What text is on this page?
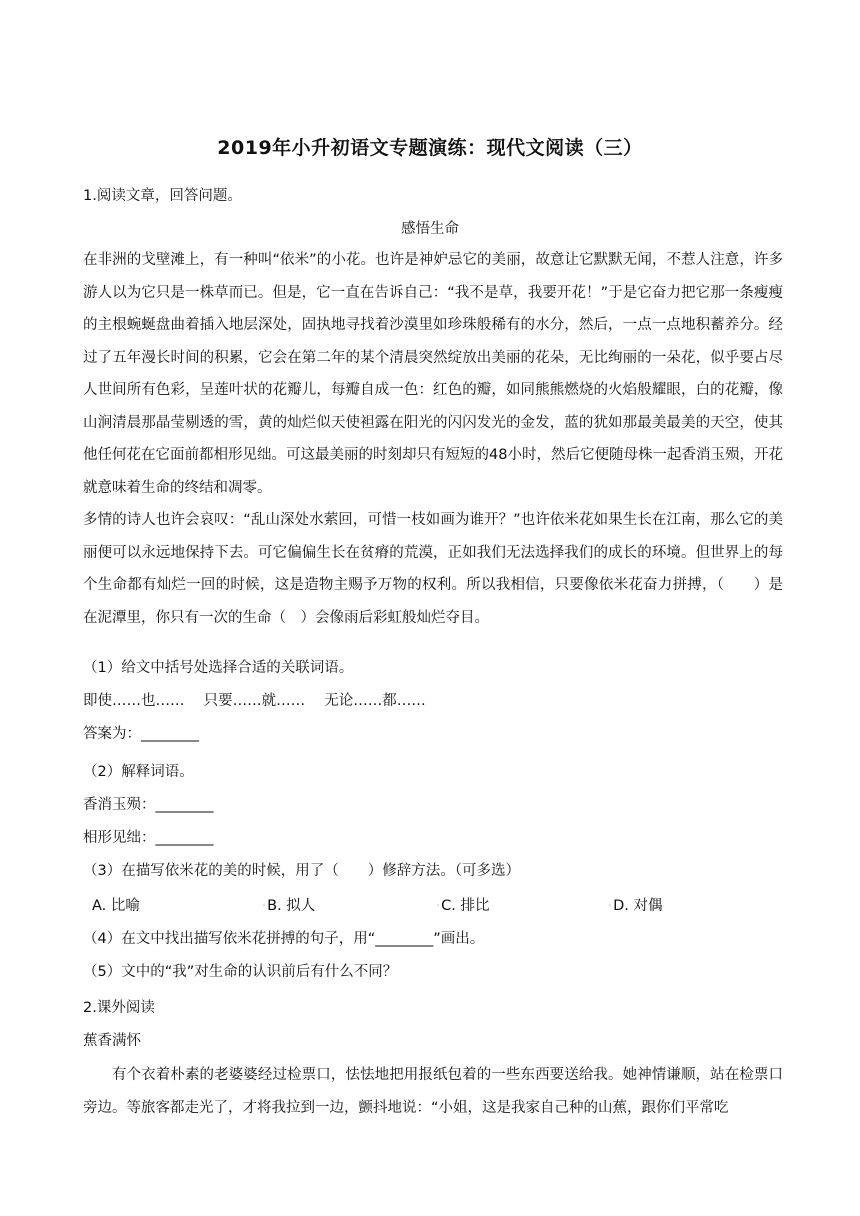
2019年小升初语文专题演练：现代文阅读（三）
1.阅读文章，回答问题。
感悟生命
在非洲的戈壁滩上，有一种叫“依米”的小花。也许是神妒忌它的美丽，故意让它默默无闻，不惹人注意，许多游人以为它只是一株草而已。但是，它一直在告诉自己：“我不是草，我要开花！”于是它奋力把它那一条瘦瘦的主根蜿蜒盘曲着插入地层深处，固执地寻找着沙漠里如珍珠般稀有的水分，然后，一点一点地积蓄养分。经过了五年漫长时间的积累，它会在第二年的某个清晨突然绽放出美丽的花朵，无比绚丽的一朵花，似乎要占尽人世间所有色彩，呈莲叶状的花瓣儿，每瓣自成一色：红色的瓣，如同熊熊燃烧的火焰般耀眼，白的花瓣，像山涧清晨那晶莹剔透的雪，黄的灿烂似天使袒露在阳光的闪闪发光的金发，蓝的犹如那最美最美的天空，使其他任何花在它面前都相形见绌。可这最美丽的时刻却只有短短的48小时，然后它便随母株一起香消玉殒，开花就意味着生命的终结和凋零。
多情的诗人也许会哀叹：“乱山深处水萦回，可惜一枝如画为谁开？”也许依米花如果生长在江南，那么它的美丽便可以永远地保持下去。可它偏偏生长在贫瘠的荒漠，正如我们无法选择我们的成长的环境。但世界上的每个生命都有灿烂一回的时候，这是造物主赐予万物的权利。所以我相信，只要像依米花奋力拼搏，（　　）是在泥潭里，你只有一次的生命（　）会像雨后彩虹般灿烂夺目。
（1）给文中括号处选择合适的关联词语。
即使……也……　 只要……就……　 无论……都……
答案为：________
（2）解释词语。
香消玉殒：________
相形见绌：________
（3）在描写依米花的美的时候，用了（　　）修辞方法。（可多选）
A. 比喻	◦B. 拟人	◦C. 排比	◦D. 对偶
（4）在文中找出描写依米花拼搏的句子，用“________”画出。
（5）文中的“我”对生命的认识前后有什么不同？
2.课外阅读
蕉香满怀
有个衣着朴素的老婆婆经过检票口，怯怯地把用报纸包着的一些东西要送给我。她神情谦顺，站在检票口旁边。等旅客都走光了，才将我拉到一边，颤抖地说：“小姐，这是我家自己种的山蕉，跟你们平常吃
